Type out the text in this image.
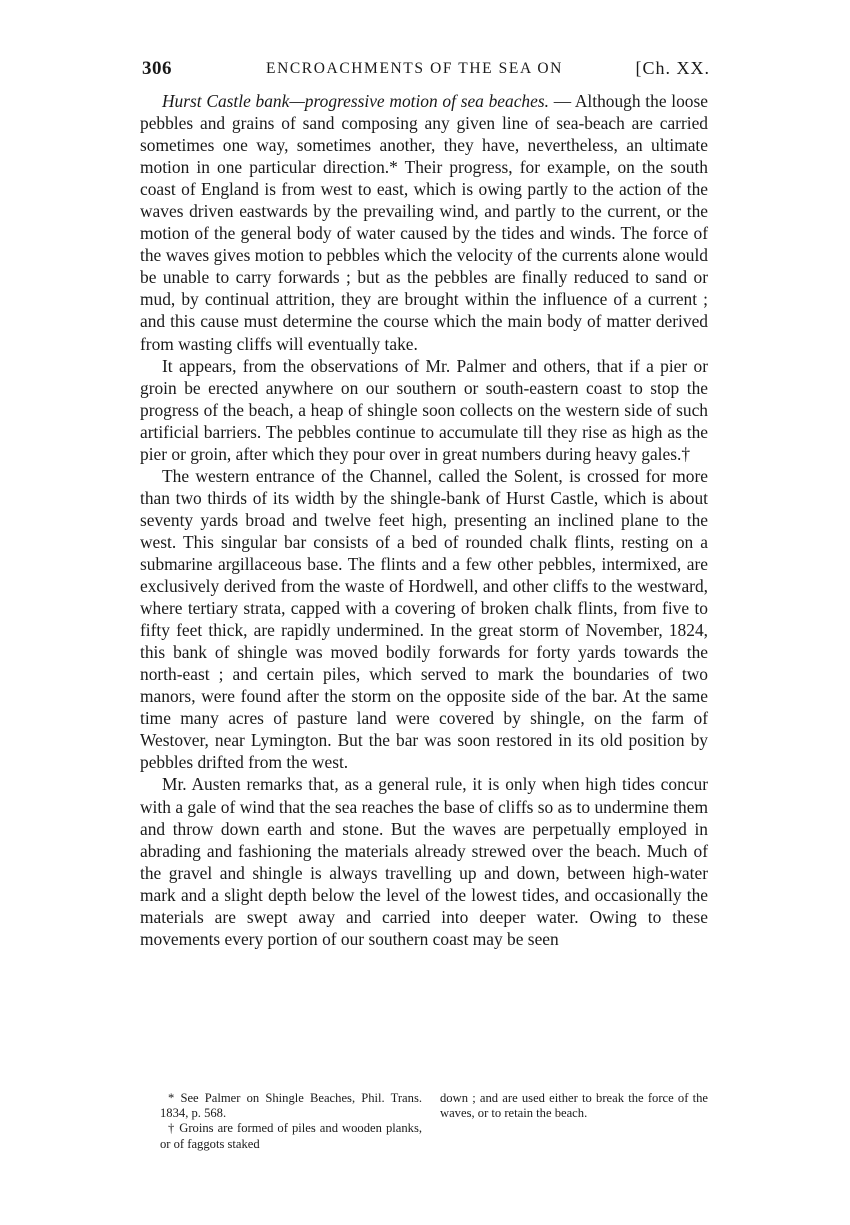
306	ENCROACHMENTS OF THE SEA ON	[Ch. XX.

Hurst Castle bank—progressive motion of sea beaches. — Although the loose pebbles and grains of sand composing any given line of sea-beach are carried sometimes one way, sometimes another, they have, nevertheless, an ultimate motion in one particular direction.* Their progress, for example, on the south coast of England is from west to east, which is owing partly to the action of the waves driven eastwards by the prevailing wind, and partly to the current, or the motion of the general body of water caused by the tides and winds. The force of the waves gives motion to pebbles which the velocity of the currents alone would be unable to carry forwards ; but as the pebbles are finally reduced to sand or mud, by continual attrition, they are brought within the influence of a current ; and this cause must determine the course which the main body of matter derived from wasting cliffs will eventually take.

It appears, from the observations of Mr. Palmer and others, that if a pier or groin be erected anywhere on our southern or south-eastern coast to stop the progress of the beach, a heap of shingle soon collects on the western side of such artificial barriers. The pebbles continue to accumulate till they rise as high as the pier or groin, after which they pour over in great numbers during heavy gales.†

The western entrance of the Channel, called the Solent, is crossed for more than two thirds of its width by the shingle-bank of Hurst Castle, which is about seventy yards broad and twelve feet high, presenting an inclined plane to the west. This singular bar consists of a bed of rounded chalk flints, resting on a submarine argillaceous base. The flints and a few other pebbles, intermixed, are exclusively derived from the waste of Hordwell, and other cliffs to the westward, where tertiary strata, capped with a covering of broken chalk flints, from five to fifty feet thick, are rapidly undermined. In the great storm of November, 1824, this bank of shingle was moved bodily forwards for forty yards towards the north-east ; and certain piles, which served to mark the boundaries of two manors, were found after the storm on the opposite side of the bar. At the same time many acres of pasture land were covered by shingle, on the farm of Westover, near Lymington. But the bar was soon restored in its old position by pebbles drifted from the west.

Mr. Austen remarks that, as a general rule, it is only when high tides concur with a gale of wind that the sea reaches the base of cliffs so as to undermine them and throw down earth and stone. But the waves are perpetually employed in abrading and fashioning the materials already strewed over the beach. Much of the gravel and shingle is always travelling up and down, between high-water mark and a slight depth below the level of the lowest tides, and occasionally the materials are swept away and carried into deeper water. Owing to these movements every portion of our southern coast may be seen

* See Palmer on Shingle Beaches, Phil. Trans. 1834, p. 568.

† Groins are formed of piles and wooden planks, or of faggots staked

down ; and are used either to break the force of the waves, or to retain the beach.
